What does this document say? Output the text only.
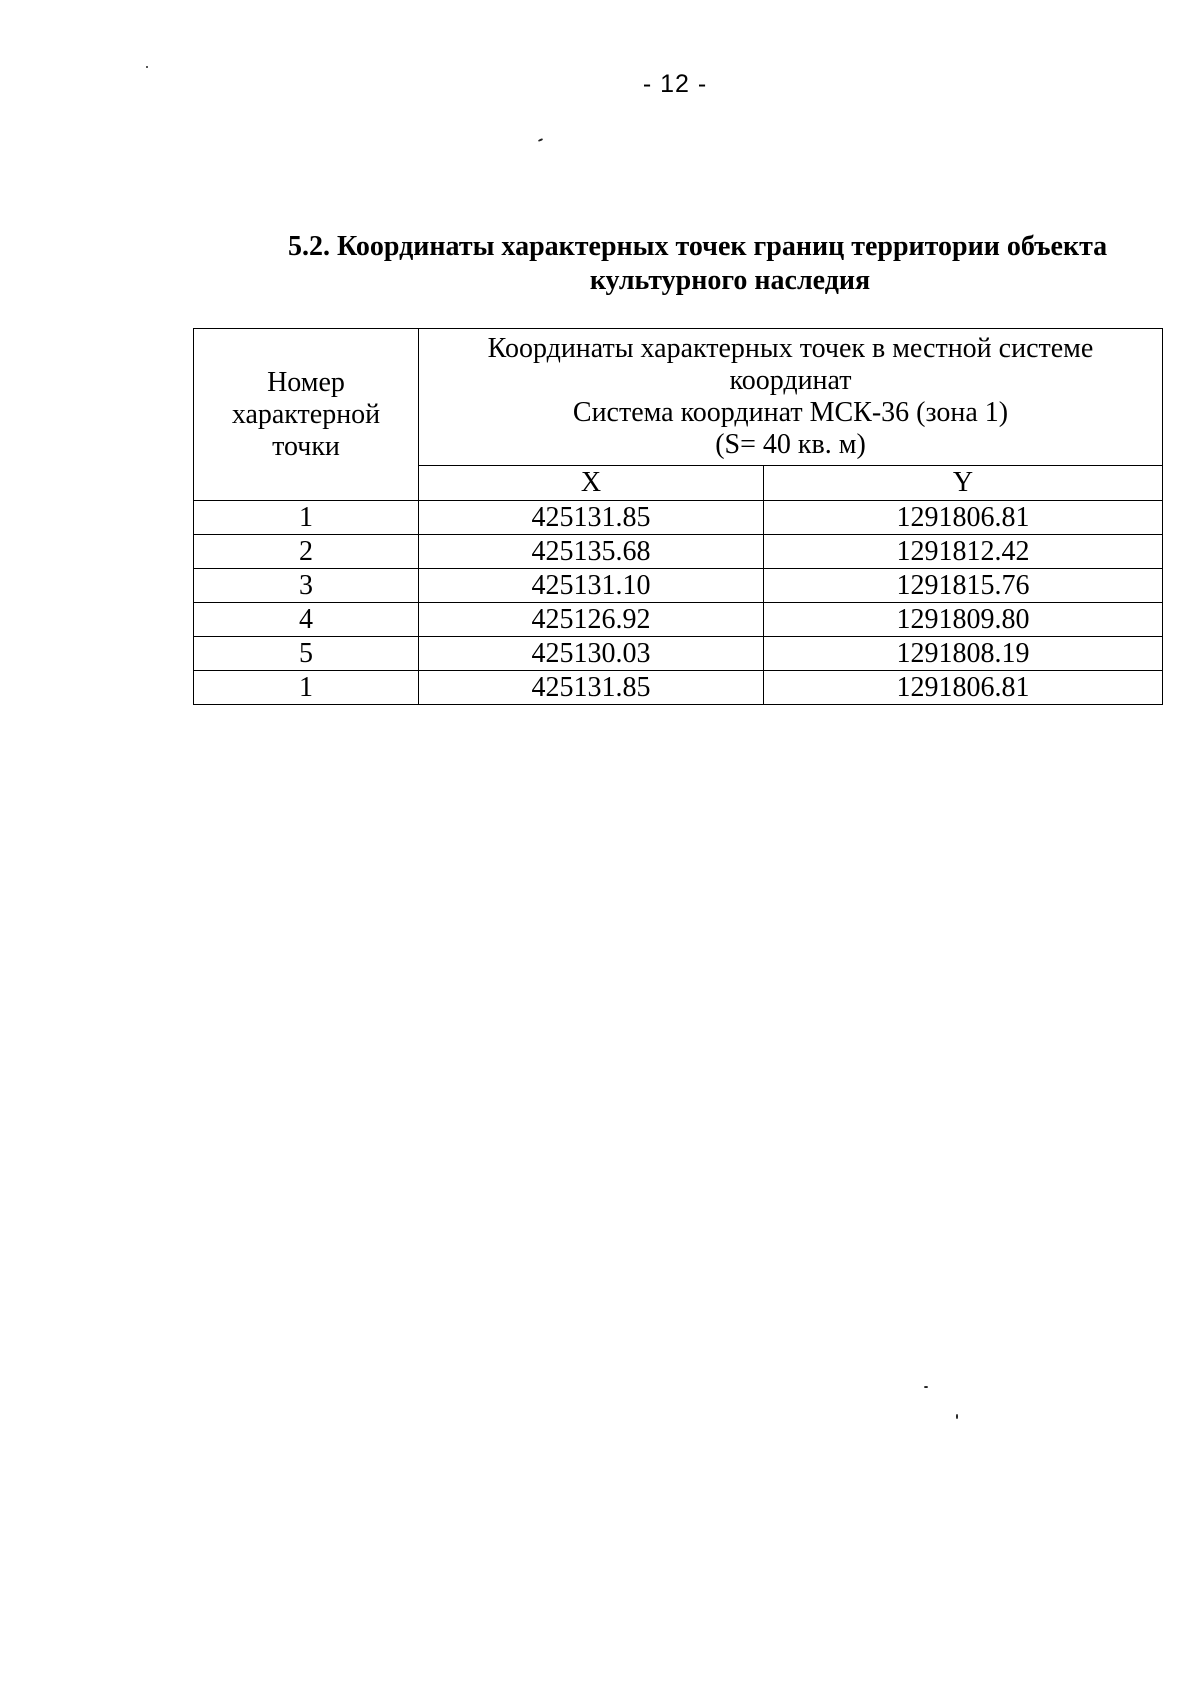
- 12 -
5.2. Координаты характерных точек границ территории объекта
культурного наследия
Номер
характерной
точки	Координаты характерных точек в местной системе
координат
Система координат МСК-36 (зона 1)
(S= 40 кв. м)	

	X	Y
1	425131.85	1291806.81
2	425135.68	1291812.42
3	425131.10	1291815.76
4	425126.92	1291809.80
5	425130.03	1291808.19
1	425131.85	1291806.81
